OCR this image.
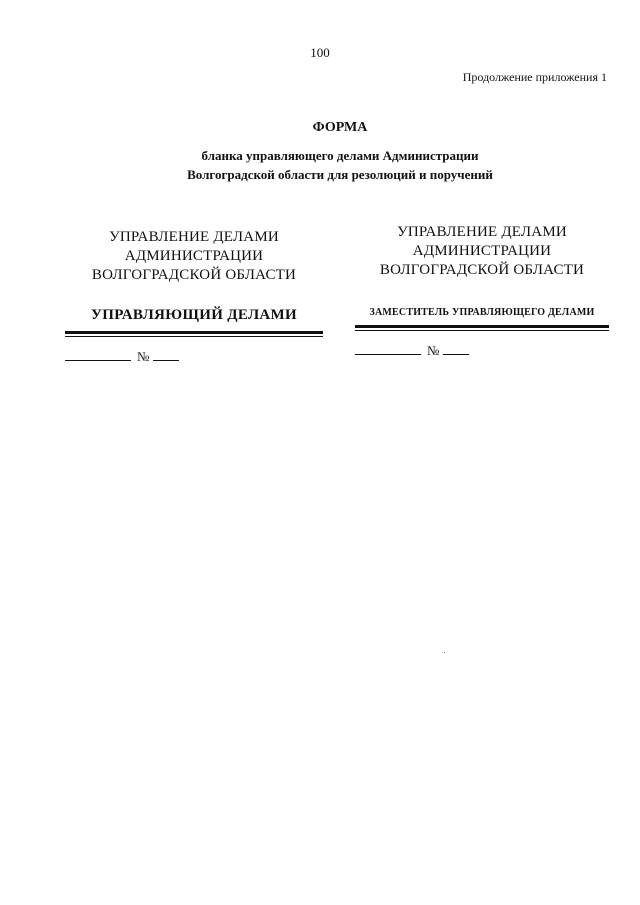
100
Продолжение приложения 1
ФОРМА
бланка управляющего делами Администрации
Волгоградской области для резолюций и поручений
УПРАВЛЕНИЕ ДЕЛАМИ
АДМИНИСТРАЦИИ
ВОЛГОГРАДСКОЙ ОБЛАСТИ
УПРАВЛЯЮЩИЙ ДЕЛАМИ
№
УПРАВЛЕНИЕ ДЕЛАМИ
АДМИНИСТРАЦИИ
ВОЛГОГРАДСКОЙ ОБЛАСТИ
ЗАМЕСТИТЕЛЬ УПРАВЛЯЮЩЕГО ДЕЛАМИ
№
